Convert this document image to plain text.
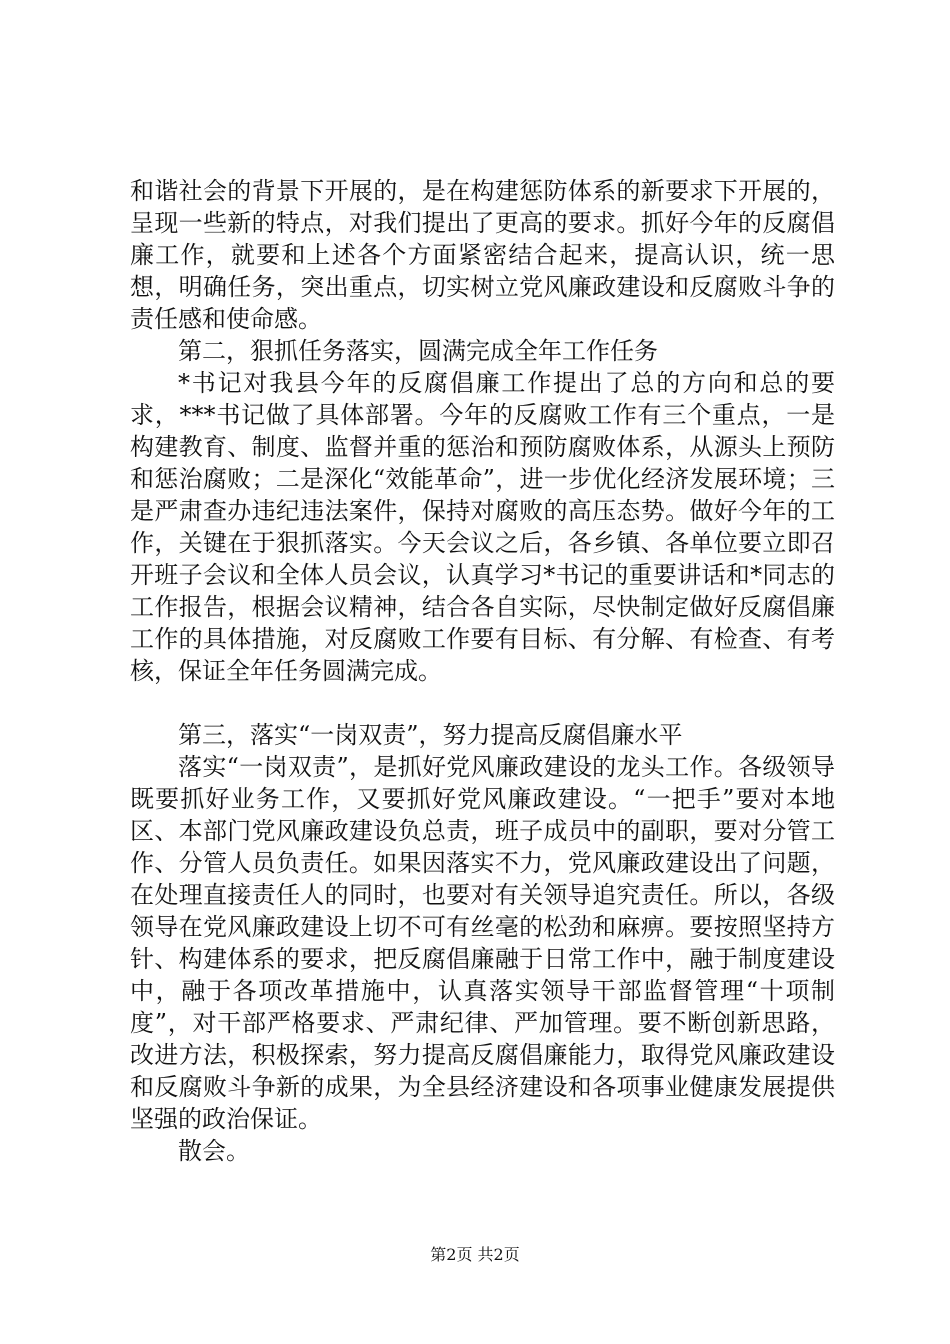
和谐社会的背景下开展的，是在构建惩防体系的新要求下开展的，呈现一些新的特点，对我们提出了更高的要求。抓好今年的反腐倡廉工作，就要和上述各个方面紧密结合起来，提高认识，统一思想，明确任务，突出重点，切实树立党风廉政建设和反腐败斗争的责任感和使命感。

第二，狠抓任务落实，圆满完成全年工作任务

*书记对我县今年的反腐倡廉工作提出了总的方向和总的要求，***书记做了具体部署。今年的反腐败工作有三个重点，一是构建教育、制度、监督并重的惩治和预防腐败体系，从源头上预防和惩治腐败；二是深化“效能革命”，进一步优化经济发展环境；三是严肃查办违纪违法案件，保持对腐败的高压态势。做好今年的工作，关键在于狠抓落实。今天会议之后，各乡镇、各单位要立即召开班子会议和全体人员会议，认真学习*书记的重要讲话和*同志的工作报告，根据会议精神，结合各自实际，尽快制定做好反腐倡廉工作的具体措施，对反腐败工作要有目标、有分解、有检查、有考核，保证全年任务圆满完成。

第三，落实“一岗双责”，努力提高反腐倡廉水平

落实“一岗双责”，是抓好党风廉政建设的龙头工作。各级领导既要抓好业务工作，又要抓好党风廉政建设。“一把手”要对本地区、本部门党风廉政建设负总责，班子成员中的副职，要对分管工作、分管人员负责任。如果因落实不力，党风廉政建设出了问题，在处理直接责任人的同时，也要对有关领导追究责任。所以，各级领导在党风廉政建设上切不可有丝毫的松劲和麻痹。要按照坚持方针、构建体系的要求，把反腐倡廉融于日常工作中，融于制度建设中，融于各项改革措施中，认真落实领导干部监督管理“十项制度”，对干部严格要求、严肃纪律、严加管理。要不断创新思路，改进方法，积极探索，努力提高反腐倡廉能力，取得党风廉政建设和反腐败斗争新的成果，为全县经济建设和各项事业健康发展提供坚强的政治保证。

散会。

第2页 共2页
